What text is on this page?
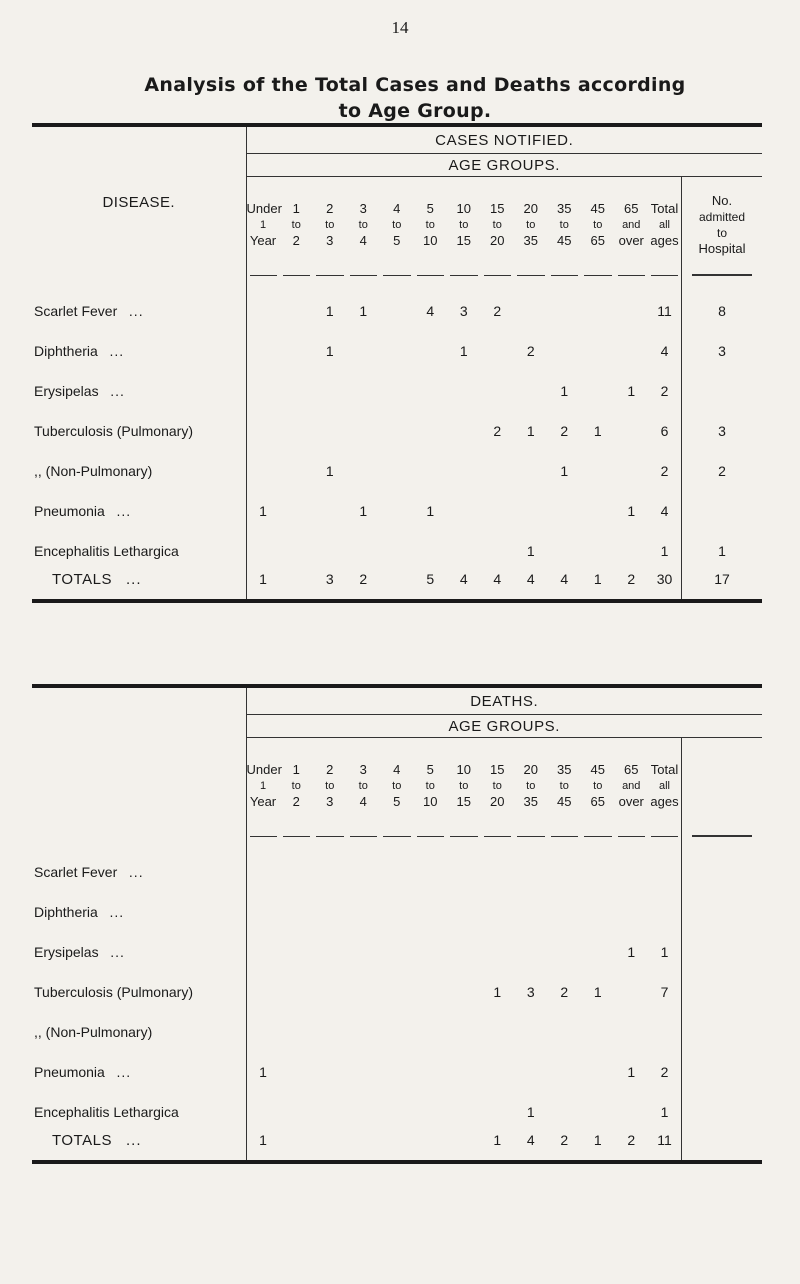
14
Analysis of the Total Cases and Deaths according
to Age Group.

DISEASE.	CASES NOTIFIED.													
	AGE GROUPS.													

	Under
1
Year	1
to
2	2
to
3	3
to
4	4
to
5	5
to
10	10
to
15	15
to
20	20
to
35	35
to
45	45
to
65	65
and
over	Total
all
ages	No.
admitted
to
Hospital

Scarlet Fever ...			1	1		4	3	2					11	8
Diphtheria ...			1				1		2				4	3
Erysipelas ...										1		1	2	
Tuberculosis (Pulmonary)								2	1	2	1		6	3
,, (Non-Pulmonary)			1							1			2	2
Pneumonia ...	1			1		1						1	4	
Encephalitis Lethargica									1				1	1
TOTALS ...	1		3	2		5	4	4	4	4	1	2	30	17

	DEATHS.													
	AGE GROUPS.													

	Under
1
Year	1
to
2	2
to
3	3
to
4	4
to
5	5
to
10	10
to
15	15
to
20	20
to
35	35
to
45	45
to
65	65
and
over	Total
all
ages	

Scarlet Fever ...														
Diphtheria ...														
Erysipelas ...												1	1	
Tuberculosis (Pulmonary)								1	3	2	1		7	
,, (Non-Pulmonary)														
Pneumonia ...	1											1	2	
Encephalitis Lethargica									1				1	
TOTALS ...	1							1	4	2	1	2	11	
